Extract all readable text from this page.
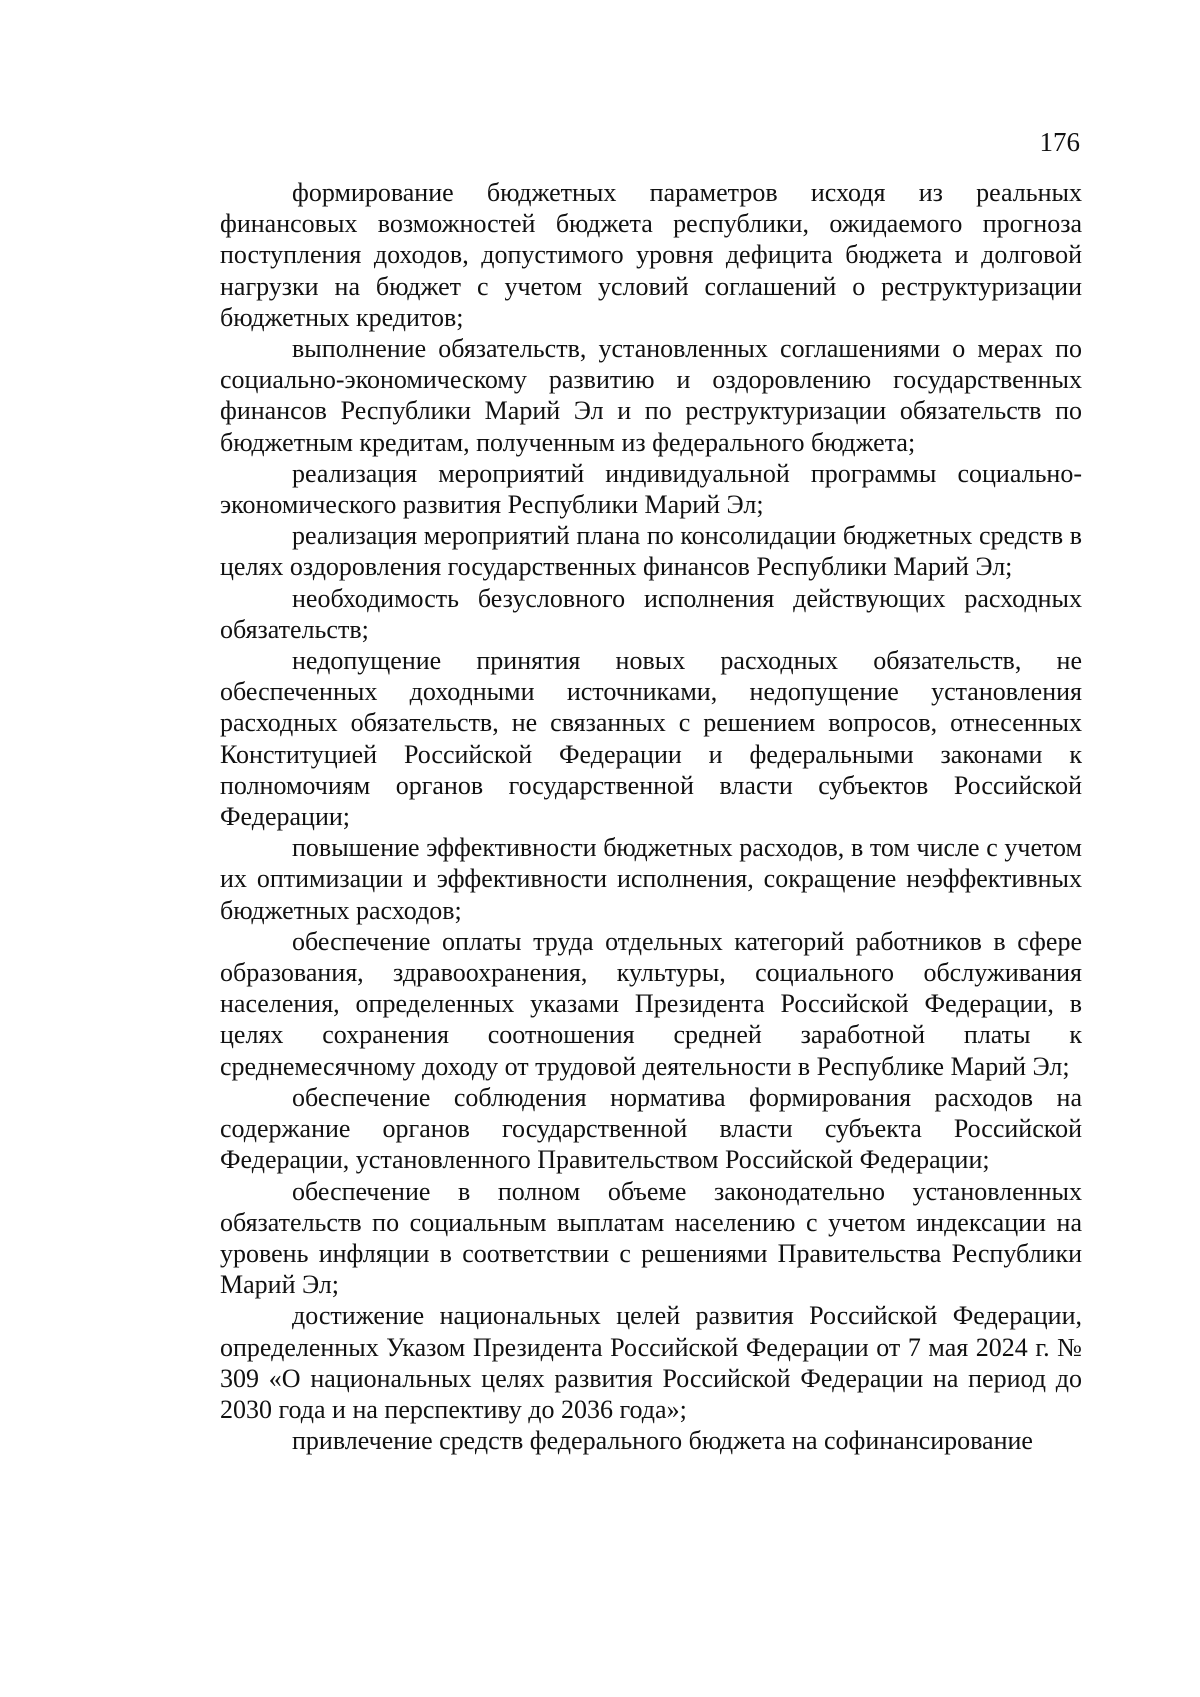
176

формирование бюджетных параметров исходя из реальных финансовых возможностей бюджета республики, ожидаемого прогноза поступления доходов, допустимого уровня дефицита бюджета и долговой нагрузки на бюджет с учетом условий соглашений о реструктуризации бюджетных кредитов;

выполнение обязательств, установленных соглашениями о мерах по социально-экономическому развитию и оздоровлению государственных финансов Республики Марий Эл и по реструктуризации обязательств по бюджетным кредитам, полученным из федерального бюджета;

реализация мероприятий индивидуальной программы социально-экономического развития Республики Марий Эл;

реализация мероприятий плана по консолидации бюджетных средств в целях оздоровления государственных финансов Республики Марий Эл;

необходимость безусловного исполнения действующих расходных обязательств;

недопущение принятия новых расходных обязательств, не обеспеченных доходными источниками, недопущение установления расходных обязательств, не связанных с решением вопросов, отнесенных Конституцией Российской Федерации и федеральными законами к полномочиям органов государственной власти субъектов Российской Федерации;

повышение эффективности бюджетных расходов, в том числе с учетом их оптимизации и эффективности исполнения, сокращение неэффективных бюджетных расходов;

обеспечение оплаты труда отдельных категорий работников в сфере образования, здравоохранения, культуры, социального обслуживания населения, определенных указами Президента Российской Федерации, в целях сохранения соотношения средней заработной платы к среднемесячному доходу от трудовой деятельности в Республике Марий Эл;

обеспечение соблюдения норматива формирования расходов на содержание органов государственной власти субъекта Российской Федерации, установленного Правительством Российской Федерации;

обеспечение в полном объеме законодательно установленных обязательств по социальным выплатам населению с учетом индексации на уровень инфляции в соответствии с решениями Правительства Республики Марий Эл;

достижение национальных целей развития Российской Федерации, определенных Указом Президента Российской Федерации от 7 мая 2024 г. № 309 «О национальных целях развития Российской Федерации на период до 2030 года и на перспективу до 2036 года»;

привлечение средств федерального бюджета на софинансирование
